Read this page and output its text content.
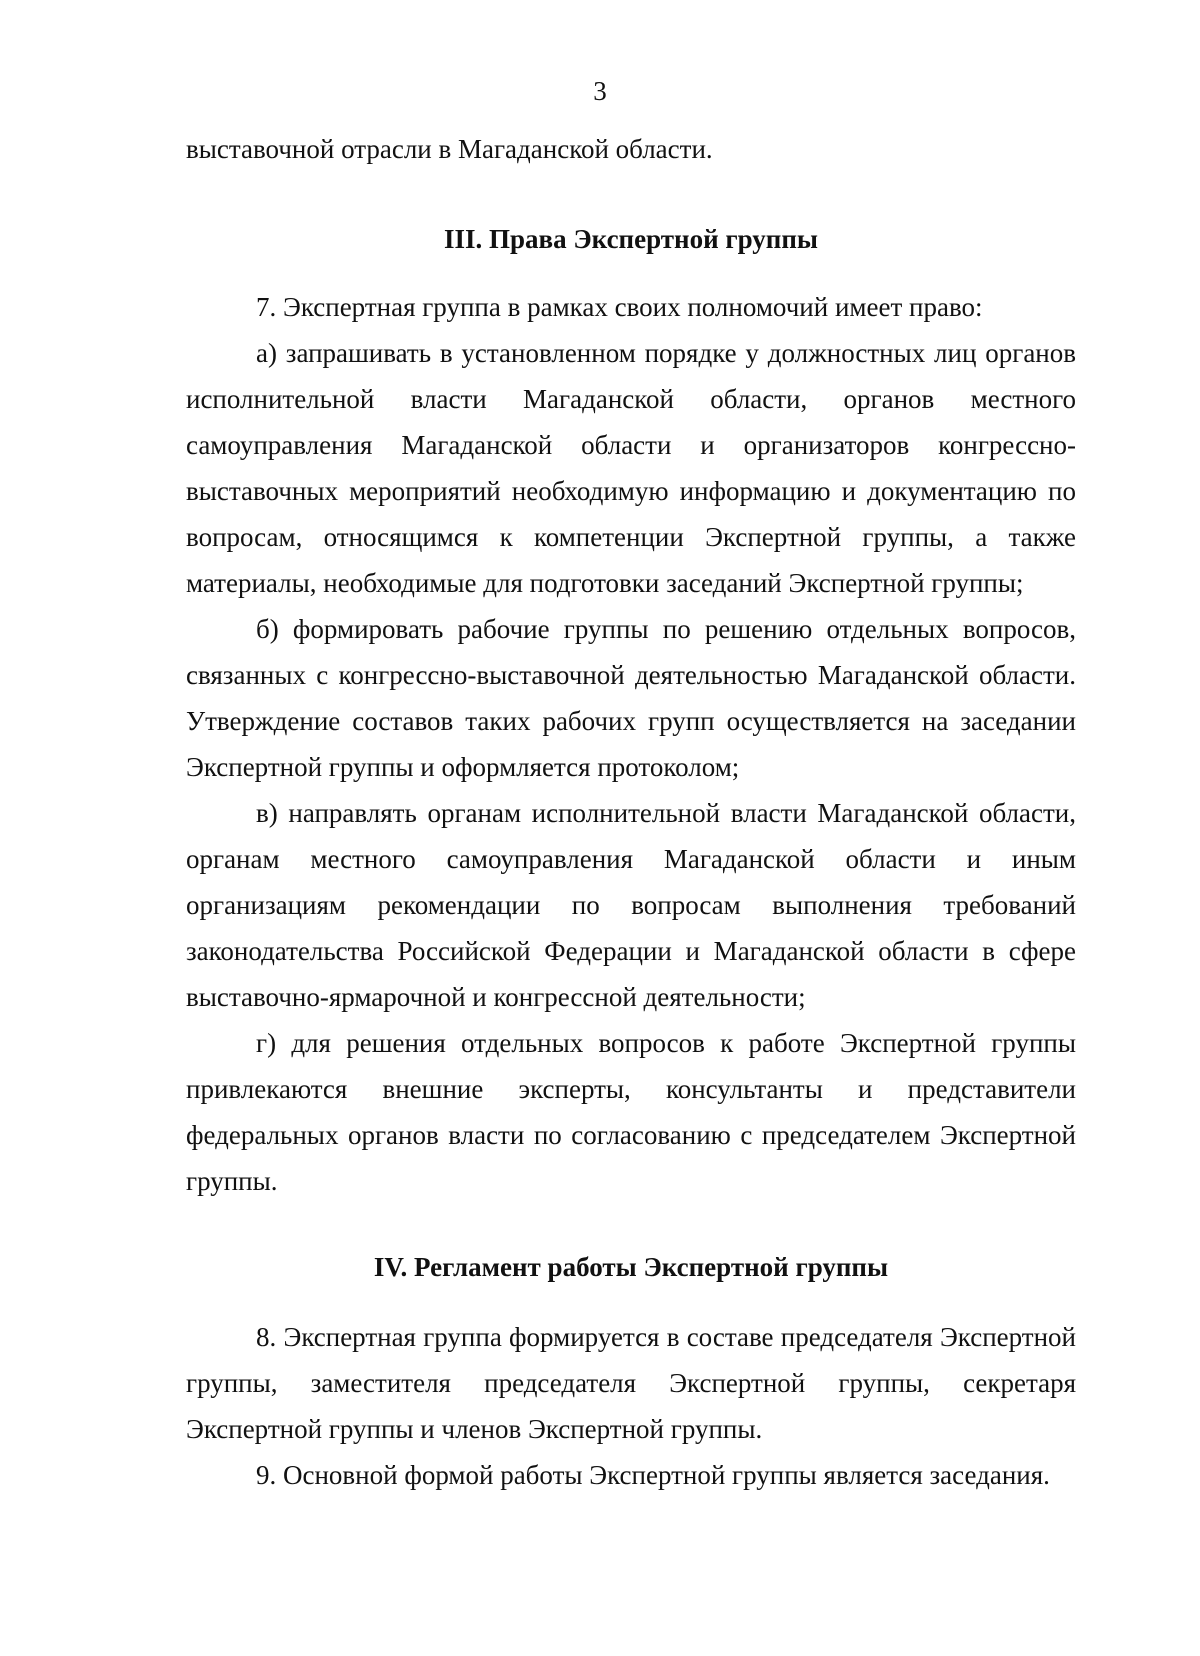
3

выставочной отрасли в Магаданской области.

III. Права Экспертной группы

7. Экспертная группа в рамках своих полномочий имеет право:

а) запрашивать в установленном порядке у должностных лиц органов исполнительной власти Магаданской области, органов местного самоуправления Магаданской области и организаторов конгрессно-выставочных мероприятий необходимую информацию и документацию по вопросам, относящимся к компетенции Экспертной группы, а также материалы, необходимые для подготовки заседаний Экспертной группы;

б) формировать рабочие группы по решению отдельных вопросов, связанных с конгрессно-выставочной деятельностью Магаданской области. Утверждение составов таких рабочих групп осуществляется на заседании Экспертной группы и оформляется протоколом;

в) направлять органам исполнительной власти Магаданской области, органам местного самоуправления Магаданской области и иным организациям рекомендации по вопросам выполнения требований законодательства Российской Федерации и Магаданской области в сфере выставочно-ярмарочной и конгрессной деятельности;

г) для решения отдельных вопросов к работе Экспертной группы привлекаются внешние эксперты, консультанты и представители федеральных органов власти по согласованию с председателем Экспертной группы.

IV. Регламент работы Экспертной группы

8. Экспертная группа формируется в составе председателя Экспертной группы, заместителя председателя Экспертной группы, секретаря Экспертной группы и членов Экспертной группы.

9. Основной формой работы Экспертной группы является заседания.
